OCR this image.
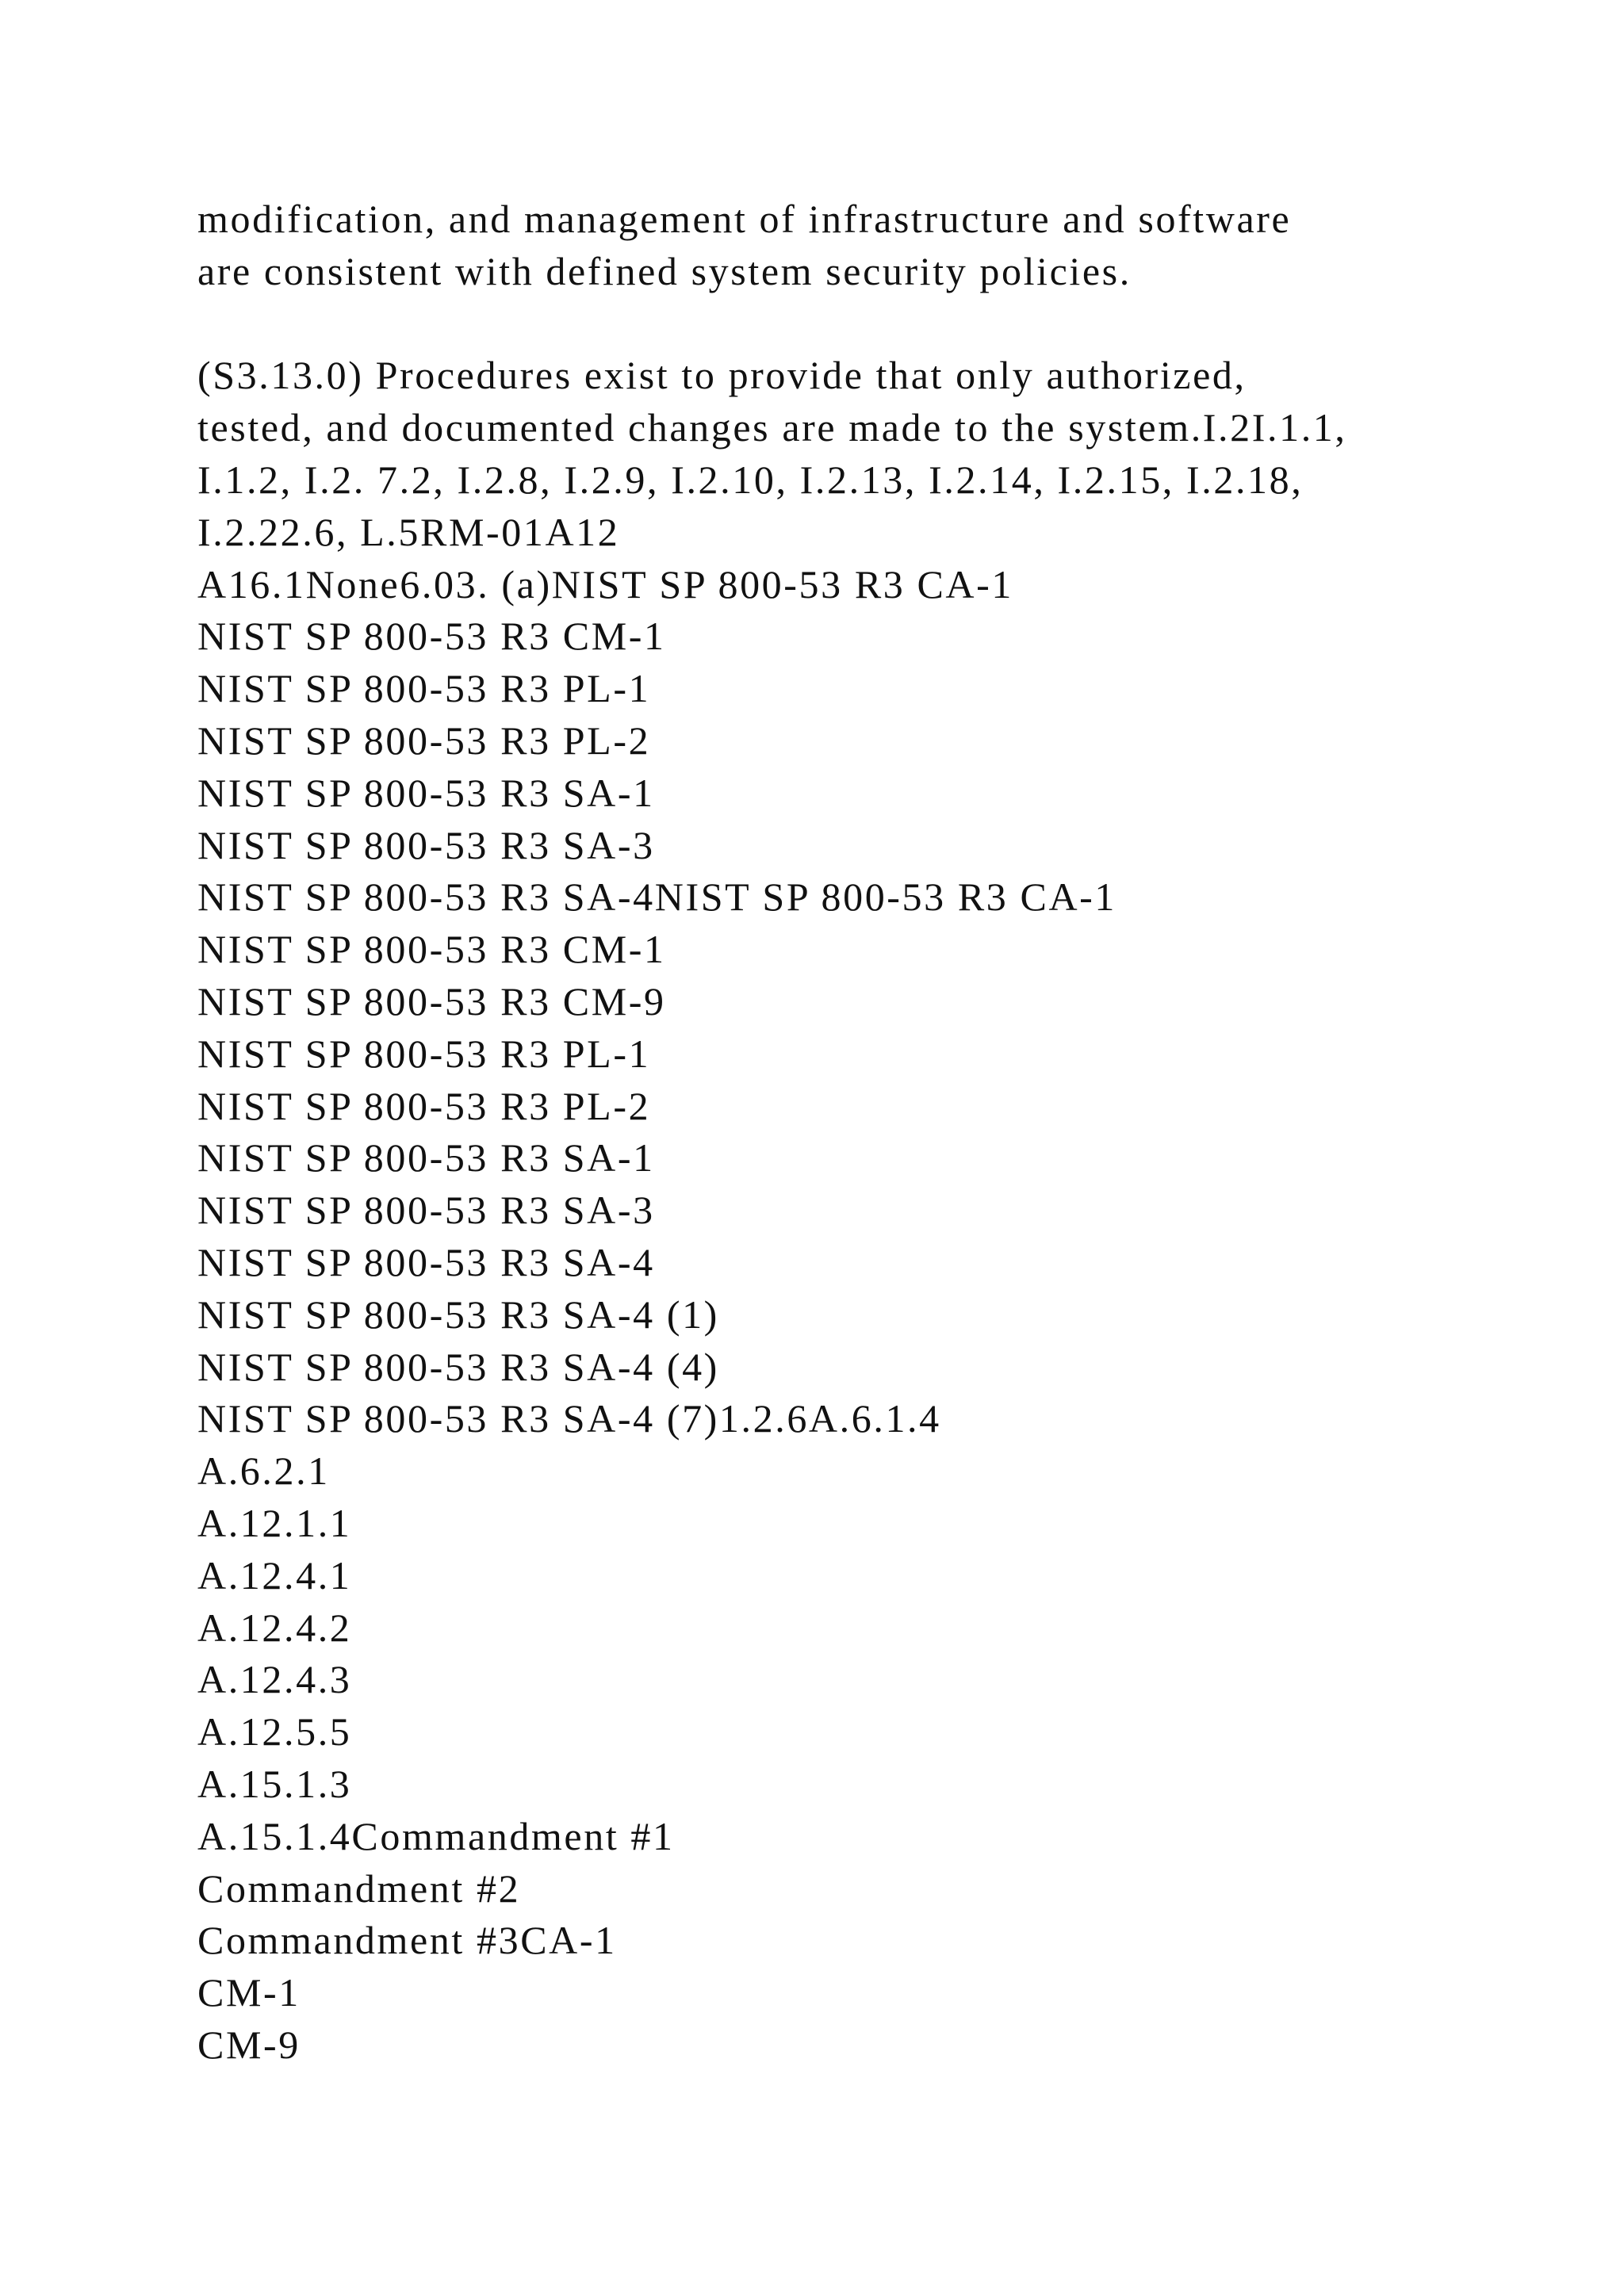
modification, and management of infrastructure and software
are consistent with defined system security policies.
(S3.13.0) Procedures exist to provide that only authorized,
tested, and documented changes are made to the system.I.2I.1.1,
I.1.2, I.2. 7.2, I.2.8, I.2.9, I.2.10, I.2.13, I.2.14, I.2.15, I.2.18,
I.2.22.6, L.5RM-01A12
A16.1None6.03. (a)NIST SP 800-53 R3 CA-1
NIST SP 800-53 R3 CM-1
NIST SP 800-53 R3 PL-1
NIST SP 800-53 R3 PL-2
NIST SP 800-53 R3 SA-1
NIST SP 800-53 R3 SA-3
NIST SP 800-53 R3 SA-4NIST SP 800-53 R3 CA-1
NIST SP 800-53 R3 CM-1
NIST SP 800-53 R3 CM-9
NIST SP 800-53 R3 PL-1
NIST SP 800-53 R3 PL-2
NIST SP 800-53 R3 SA-1
NIST SP 800-53 R3 SA-3
NIST SP 800-53 R3 SA-4
NIST SP 800-53 R3 SA-4 (1)
NIST SP 800-53 R3 SA-4 (4)
NIST SP 800-53 R3 SA-4 (7)1.2.6A.6.1.4
A.6.2.1
A.12.1.1
A.12.4.1
A.12.4.2
A.12.4.3
A.12.5.5
A.15.1.3
A.15.1.4Commandment #1
Commandment #2
Commandment #3CA-1
CM-1
CM-9
